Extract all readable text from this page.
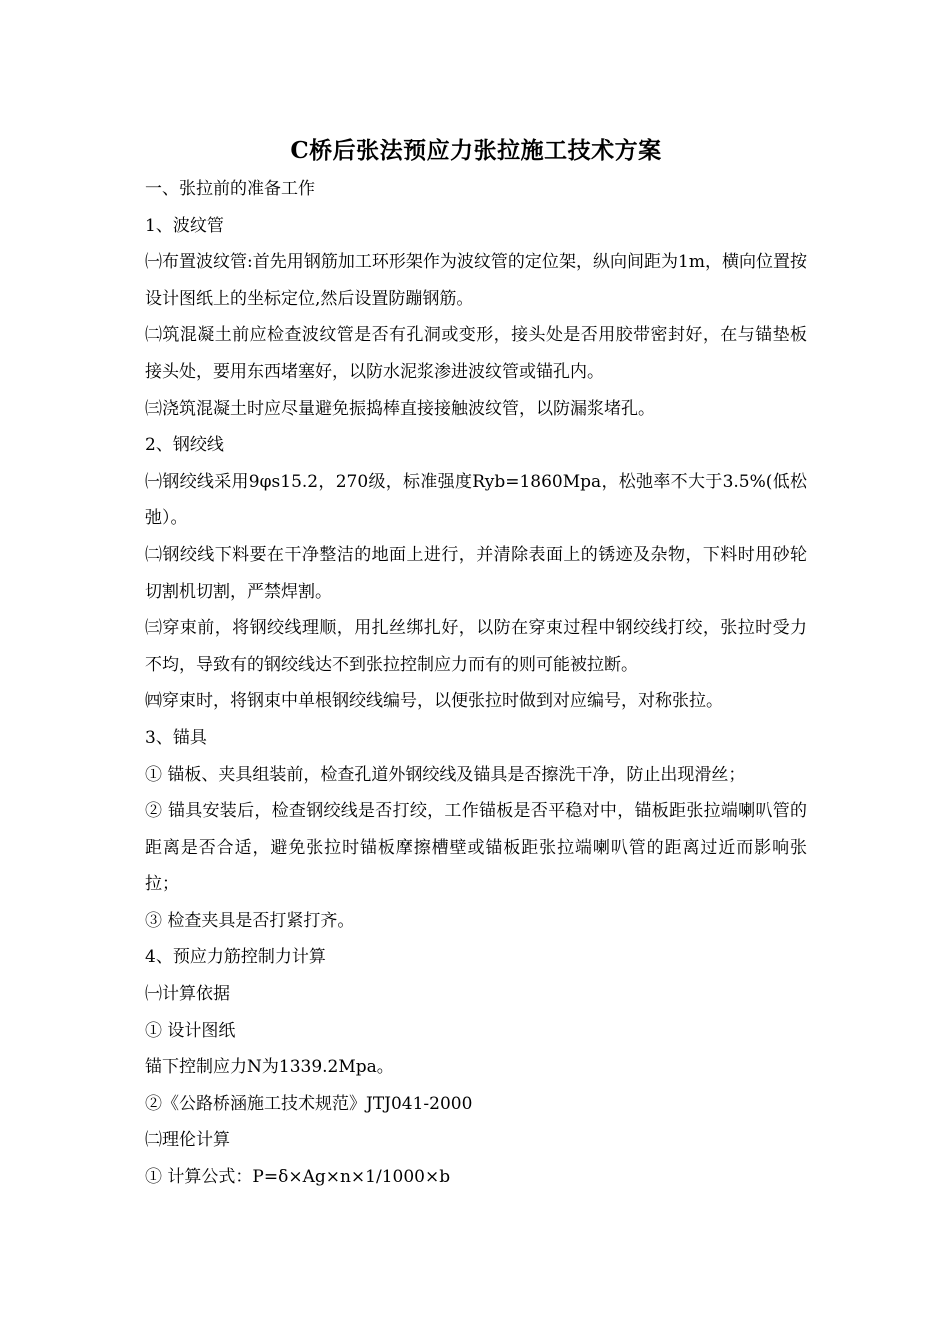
C桥后张法预应力张拉施工技术方案

一、张拉前的准备工作

1、波纹管

㈠布置波纹管:首先用钢筋加工环形架作为波纹管的定位架，纵向间距为1m，横向位置按设计图纸上的坐标定位,然后设置防蹦钢筋。

㈡筑混凝土前应检查波纹管是否有孔洞或变形，接头处是否用胶带密封好，在与锚垫板接头处，要用东西堵塞好，以防水泥浆渗进波纹管或锚孔内。

㈢浇筑混凝土时应尽量避免振捣棒直接接触波纹管，以防漏浆堵孔。

2、钢绞线

㈠钢绞线采用9φs15.2，270级，标准强度Ryb=1860Mpa，松弛率不大于3.5%(低松弛）。

㈡钢绞线下料要在干净整洁的地面上进行，并清除表面上的锈迹及杂物，下料时用砂轮切割机切割，严禁焊割。

㈢穿束前，将钢绞线理顺，用扎丝绑扎好，以防在穿束过程中钢绞线打绞，张拉时受力不均，导致有的钢绞线达不到张拉控制应力而有的则可能被拉断。

㈣穿束时，将钢束中单根钢绞线编号，以便张拉时做到对应编号，对称张拉。

3、锚具

① 锚板、夹具组装前，检查孔道外钢绞线及锚具是否擦洗干净，防止出现滑丝；

② 锚具安装后，检查钢绞线是否打绞，工作锚板是否平稳对中，锚板距张拉端喇叭管的距离是否合适，避免张拉时锚板摩擦槽壁或锚板距张拉端喇叭管的距离过近而影响张拉；

③ 检查夹具是否打紧打齐。

4、预应力筋控制力计算

㈠计算依据

① 设计图纸

锚下控制应力N为1339.2Mpa。

②《公路桥涵施工技术规范》JTJ041-2000

㈡理伦计算

① 计算公式：P=δ×Ag×n×1/1000×b
